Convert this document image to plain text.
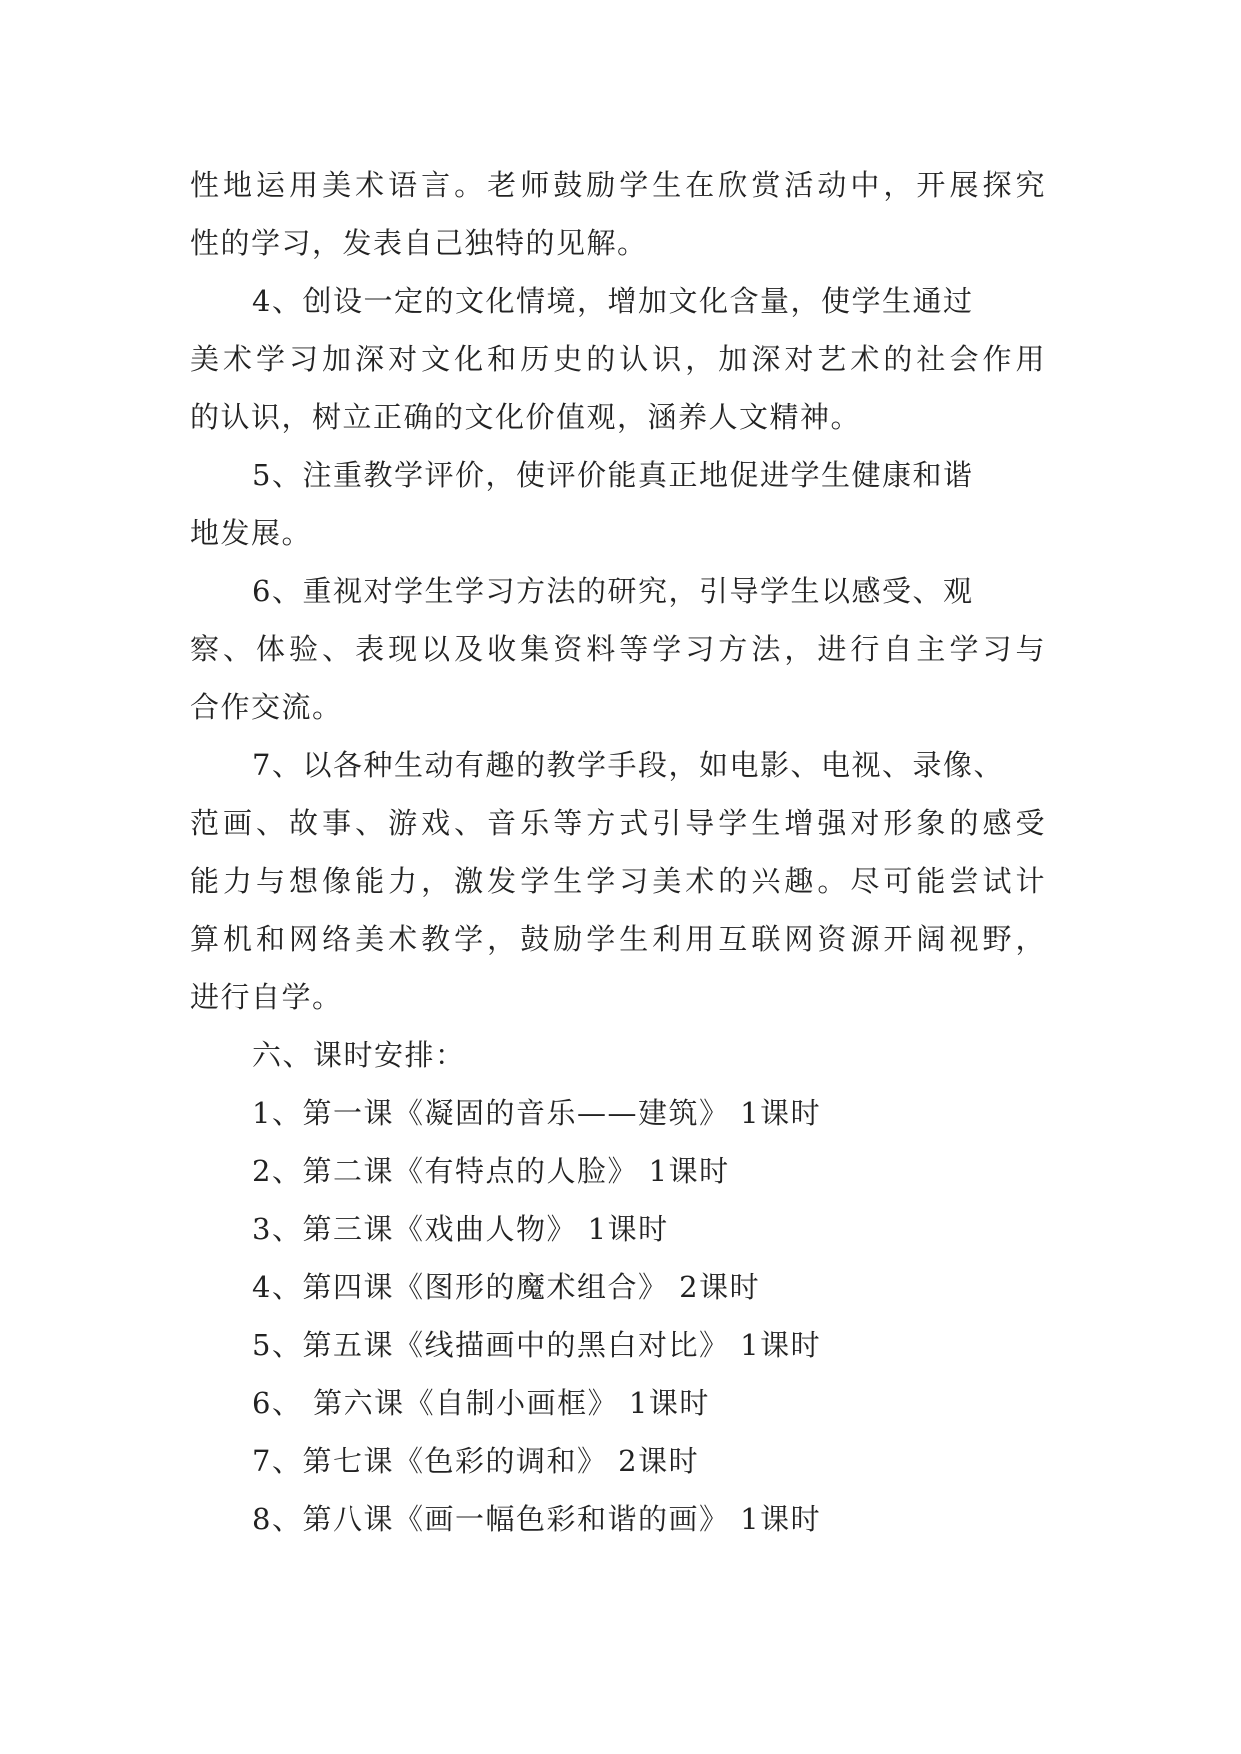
性地运用美术语言。老师鼓励学生在欣赏活动中，开展探究
性的学习，发表自己独特的见解。
4、创设一定的文化情境，增加文化含量，使学生通过
美术学习加深对文化和历史的认识，加深对艺术的社会作用
的认识，树立正确的文化价值观，涵养人文精神。
5、注重教学评价，使评价能真正地促进学生健康和谐
地发展。
6、重视对学生学习方法的研究，引导学生以感受、观
察、体验、表现以及收集资料等学习方法，进行自主学习与
合作交流。
7、以各种生动有趣的教学手段，如电影、电视、录像、
范画、故事、游戏、音乐等方式引导学生增强对形象的感受
能力与想像能力，激发学生学习美术的兴趣。尽可能尝试计
算机和网络美术教学，鼓励学生利用互联网资源开阔视野，
进行自学。
六、课时安排：
1、第一课《凝固的音乐——建筑》 1课时
2、第二课《有特点的人脸》 1课时
3、第三课《戏曲人物》 1课时
4、第四课《图形的魔术组合》 2课时
5、第五课《线描画中的黑白对比》 1课时
6、 第六课《自制小画框》 1课时
7、第七课《色彩的调和》 2课时
8、第八课《画一幅色彩和谐的画》 1课时
